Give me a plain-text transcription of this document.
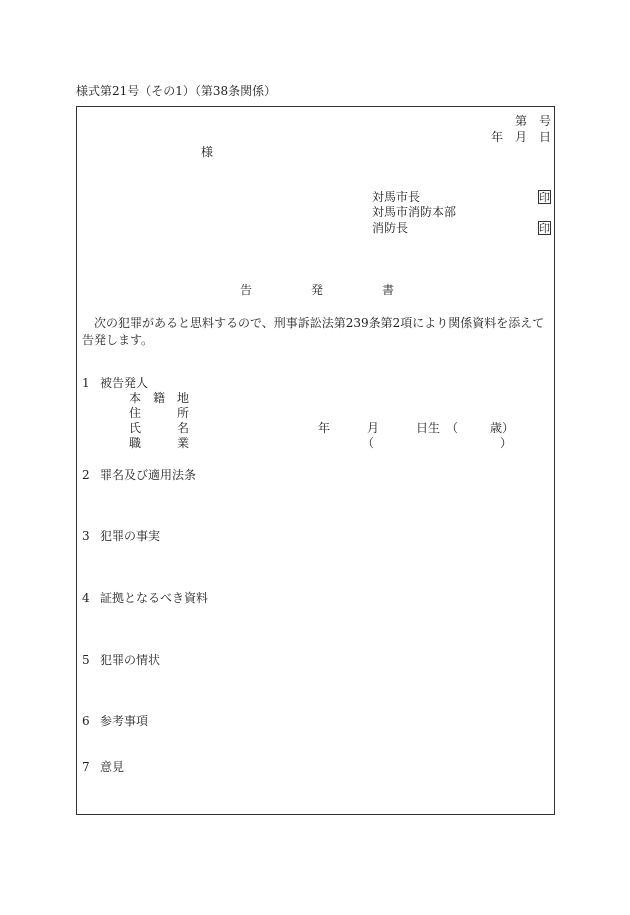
様式第21号（その1）（第38条関係）
第 号
年 月 日
様
対馬市長	印
対馬市消防本部
消防長	印
告	発	書
次の犯罪があると思料するので、刑事訴訟法第239条第2項により関係資料を添えて告発します。
1 被告発人
本 籍 地
住	所
氏	名	年	月	日生 （	歳）
職	業	（	）
2 罪名及び適用法条
3 犯罪の事実
4 証拠となるべき資料
5 犯罪の情状
6 参考事項
7 意見
